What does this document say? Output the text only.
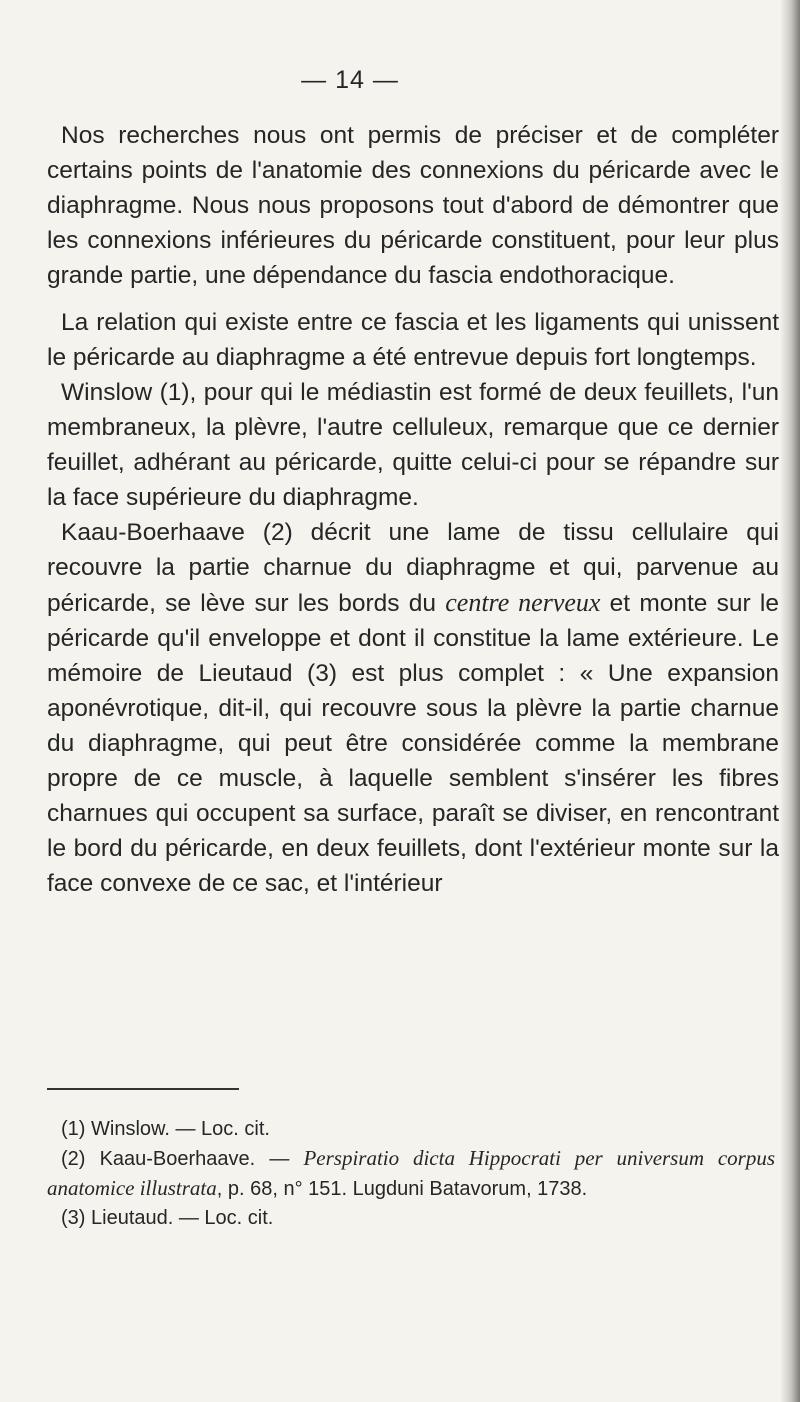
— 14 —

Nos recherches nous ont permis de préciser et de compléter certains points de l'anatomie des connexions du péricarde avec le diaphragme. Nous nous proposons tout d'abord de démontrer que les connexions inférieures du péricarde constituent, pour leur plus grande partie, une dépendance du fascia endothoracique.

La relation qui existe entre ce fascia et les ligaments qui unissent le péricarde au diaphragme a été entrevue depuis fort longtemps.

Winslow (1), pour qui le médiastin est formé de deux feuillets, l'un membraneux, la plèvre, l'autre celluleux, remarque que ce dernier feuillet, adhérant au péricarde, quitte celui-ci pour se répandre sur la face supérieure du diaphragme.

Kaau-Boerhaave (2) décrit une lame de tissu cellulaire qui recouvre la partie charnue du diaphragme et qui, parvenue au péricarde, se lève sur les bords du centre nerveux et monte sur le péricarde qu'il enveloppe et dont il constitue la lame extérieure. Le mémoire de Lieutaud (3) est plus complet : « Une expansion aponévrotique, dit-il, qui recouvre sous la plèvre la partie charnue du diaphragme, qui peut être considérée comme la membrane propre de ce muscle, à laquelle semblent s'insérer les fibres charnues qui occupent sa surface, paraît se diviser, en rencontrant le bord du péricarde, en deux feuillets, dont l'extérieur monte sur la face convexe de ce sac, et l'intérieur

(1) Winslow. — Loc. cit.

(2) Kaau-Boerhaave. — Perspiratio dicta Hippocrati per universum corpus anatomice illustrata, p. 68, n° 151. Lugduni Batavorum, 1738.

(3) Lieutaud. — Loc. cit.
